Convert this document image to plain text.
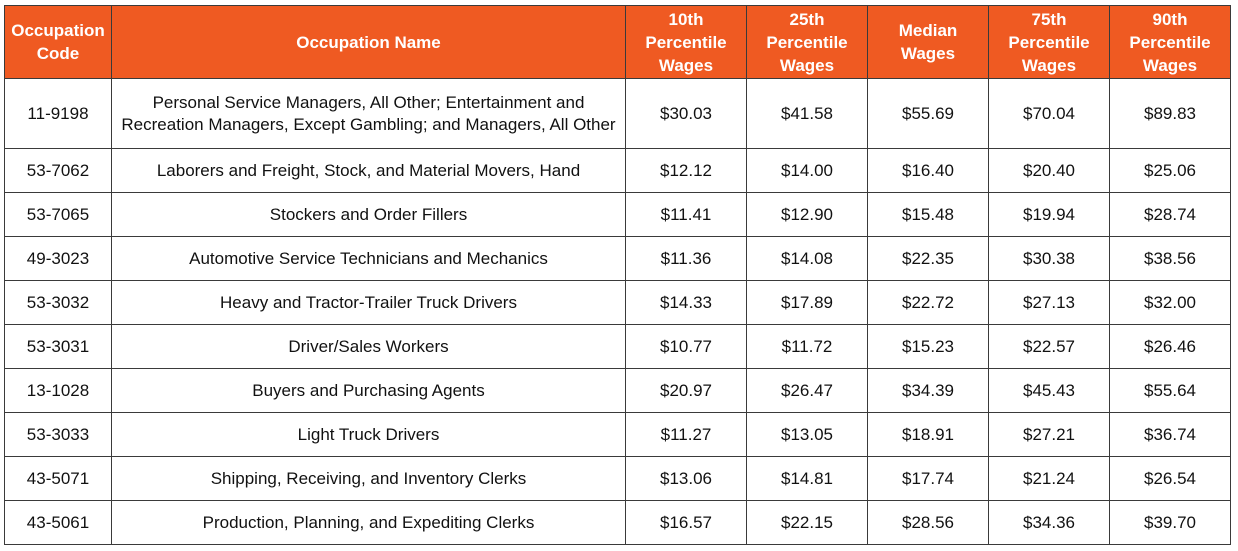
Occupation
Code	Occupation Name	10th
Percentile
Wages	25th
Percentile
Wages	Median
Wages	75th
Percentile
Wages	90th
Percentile
Wages

11-9198	Personal Service Managers, All Other; Entertainment and Recreation Managers, Except Gambling; and Managers, All Other	$30.03	$41.58	$55.69	$70.04	$89.83
53-7062	Laborers and Freight, Stock, and Material Movers, Hand	$12.12	$14.00	$16.40	$20.40	$25.06
53-7065	Stockers and Order Fillers	$11.41	$12.90	$15.48	$19.94	$28.74
49-3023	Automotive Service Technicians and Mechanics	$11.36	$14.08	$22.35	$30.38	$38.56
53-3032	Heavy and Tractor-Trailer Truck Drivers	$14.33	$17.89	$22.72	$27.13	$32.00
53-3031	Driver/Sales Workers	$10.77	$11.72	$15.23	$22.57	$26.46
13-1028	Buyers and Purchasing Agents	$20.97	$26.47	$34.39	$45.43	$55.64
53-3033	Light Truck Drivers	$11.27	$13.05	$18.91	$27.21	$36.74
43-5071	Shipping, Receiving, and Inventory Clerks	$13.06	$14.81	$17.74	$21.24	$26.54
43-5061	Production, Planning, and Expediting Clerks	$16.57	$22.15	$28.56	$34.36	$39.70
